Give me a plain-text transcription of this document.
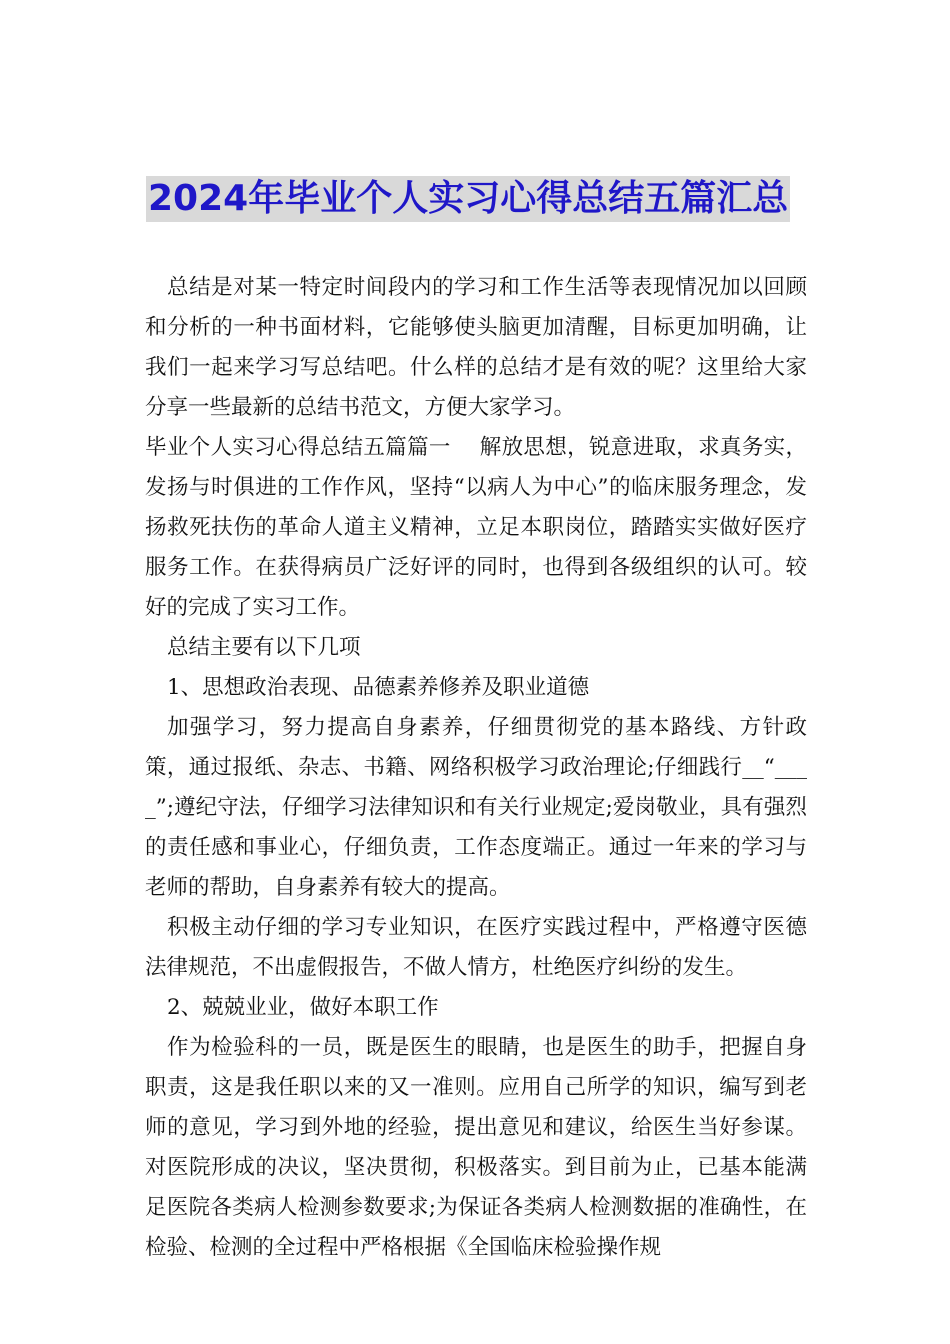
2024年毕业个人实习心得总结五篇汇总

总结是对某一特定时间段内的学习和工作生活等表现情况加以回顾和分析的一种书面材料，它能够使头脑更加清醒，目标更加明确，让我们一起来学习写总结吧。什么样的总结才是有效的呢？这里给大家分享一些最新的总结书范文，方便大家学习。

毕业个人实习心得总结五篇篇一　 解放思想，锐意进取，求真务实，发扬与时俱进的工作作风，坚持“以病人为中心”的临床服务理念，发扬救死扶伤的革命人道主义精神，立足本职岗位，踏踏实实做好医疗服务工作。在获得病员广泛好评的同时，也得到各级组织的认可。较好的完成了实习工作。

总结主要有以下几项

1、思想政治表现、品德素养修养及职业道德

加强学习，努力提高自身素养，仔细贯彻党的基本路线、方针政策，通过报纸、杂志、书籍、网络积极学习政治理论;仔细践行__“____”;遵纪守法，仔细学习法律知识和有关行业规定;爱岗敬业，具有强烈的责任感和事业心，仔细负责，工作态度端正。通过一年来的学习与老师的帮助，自身素养有较大的提高。

积极主动仔细的学习专业知识，在医疗实践过程中，严格遵守医德法律规范，不出虚假报告，不做人情方，杜绝医疗纠纷的发生。

2、兢兢业业，做好本职工作

作为检验科的一员，既是医生的眼睛，也是医生的助手，把握自身职责，这是我任职以来的又一准则。应用自己所学的知识，编写到老师的意见，学习到外地的经验，提出意见和建议，给医生当好参谋。对医院形成的决议，坚决贯彻，积极落实。到目前为止，已基本能满足医院各类病人检测参数要求;为保证各类病人检测数据的准确性，在检验、检测的全过程中严格根据《全国临床检验操作规
